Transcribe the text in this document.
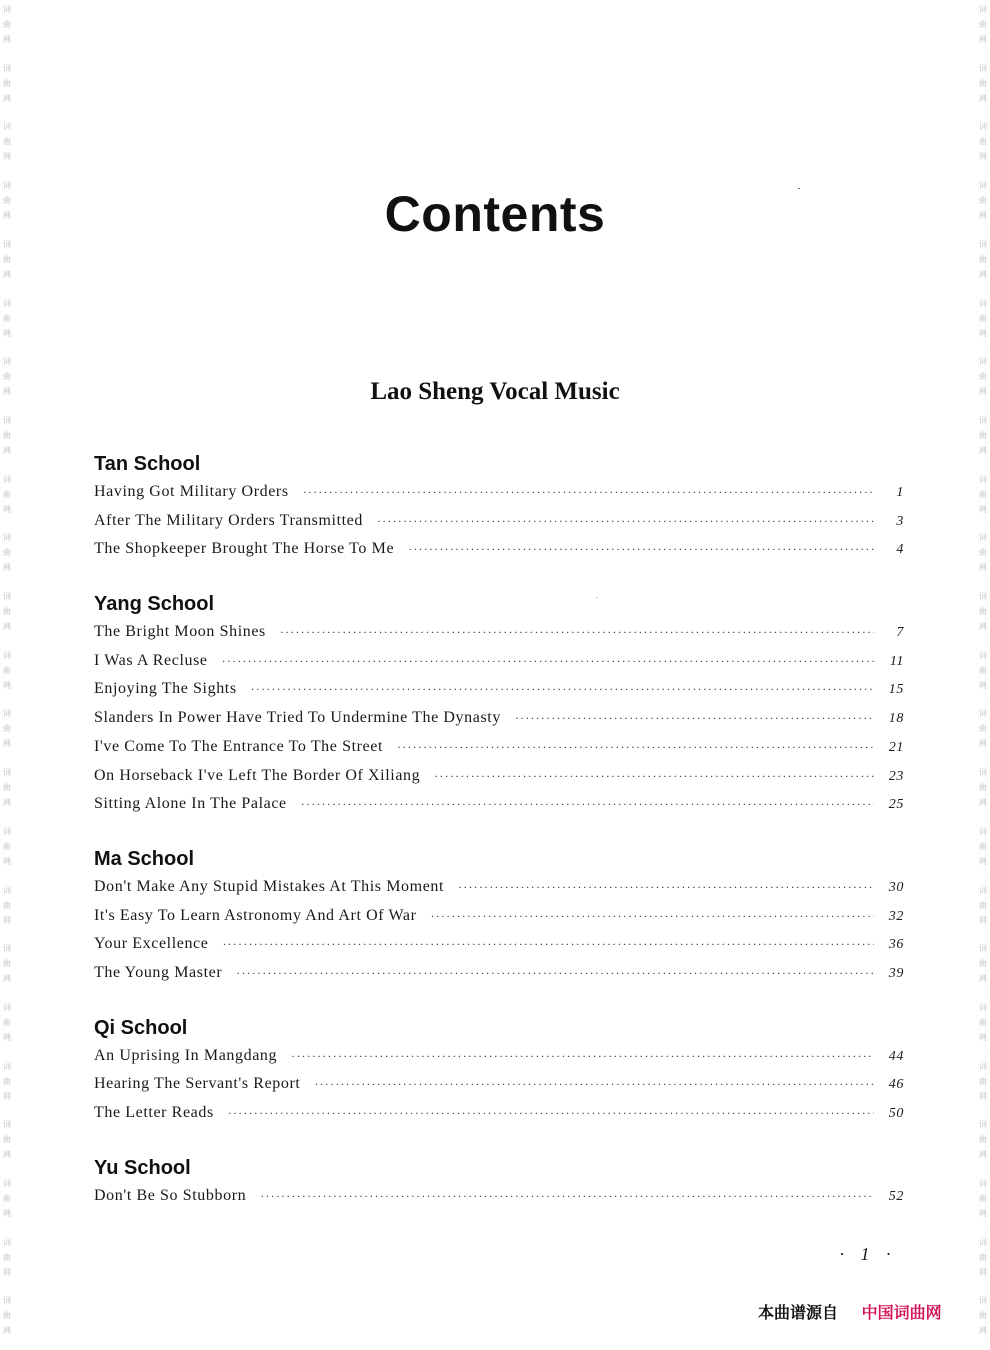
词
曲
网
词
曲
网
词
曲
网
词
曲
网
词
曲
网
词
曲
网
词
曲
网
词
曲
网
词
曲
网
词
曲
网
词
曲
网
词
曲
网
词
曲
网
词
曲
网
词
曲
网
词
曲
网
词
曲
网
词
曲
网
词
曲
网
词
曲
网
词
曲
网
词
曲
网
词
曲
网
词
曲
网
词
曲
网
词
曲
网
词
曲
网
词
曲
网
词
曲
网
词
曲
网
词
曲
网
词
曲
网
词
曲
网
词
曲
网
词
曲
网
词
曲
网
词
曲
网
词
曲
网
词
曲
网
词
曲
网
词
曲
网
词
曲
网
词
曲
网
词
曲
网
词
曲
网
词
曲
网
Contents
Lao Sheng Vocal Music
Tan School
Having Got Military Orders ·····	1
After The Military Orders Transmitted ·····	3
The Shopkeeper Brought The Horse To Me ·····	4
Yang School
The Bright Moon Shines ·····	7
I Was A Recluse ·····	11
Enjoying The Sights ·····	15
Slanders In Power Have Tried To Undermine The Dynasty ·····	18
I've Come To The Entrance To The Street ·····	21
On Horseback I've Left The Border Of Xiliang ·····	23
Sitting Alone In The Palace ·····	25
Ma School
Don't Make Any Stupid Mistakes At This Moment ·····	30
It's Easy To Learn Astronomy And Art Of War ·····	32
Your Excellence ·····	36
The Young Master ·····	39
Qi School
An Uprising In Mangdang ·····	44
Hearing The Servant's Report ·····	46
The Letter Reads ·····	50
Yu School
Don't Be So Stubborn ·····	52
· 1 ·
本曲谱源自 中国词曲网
